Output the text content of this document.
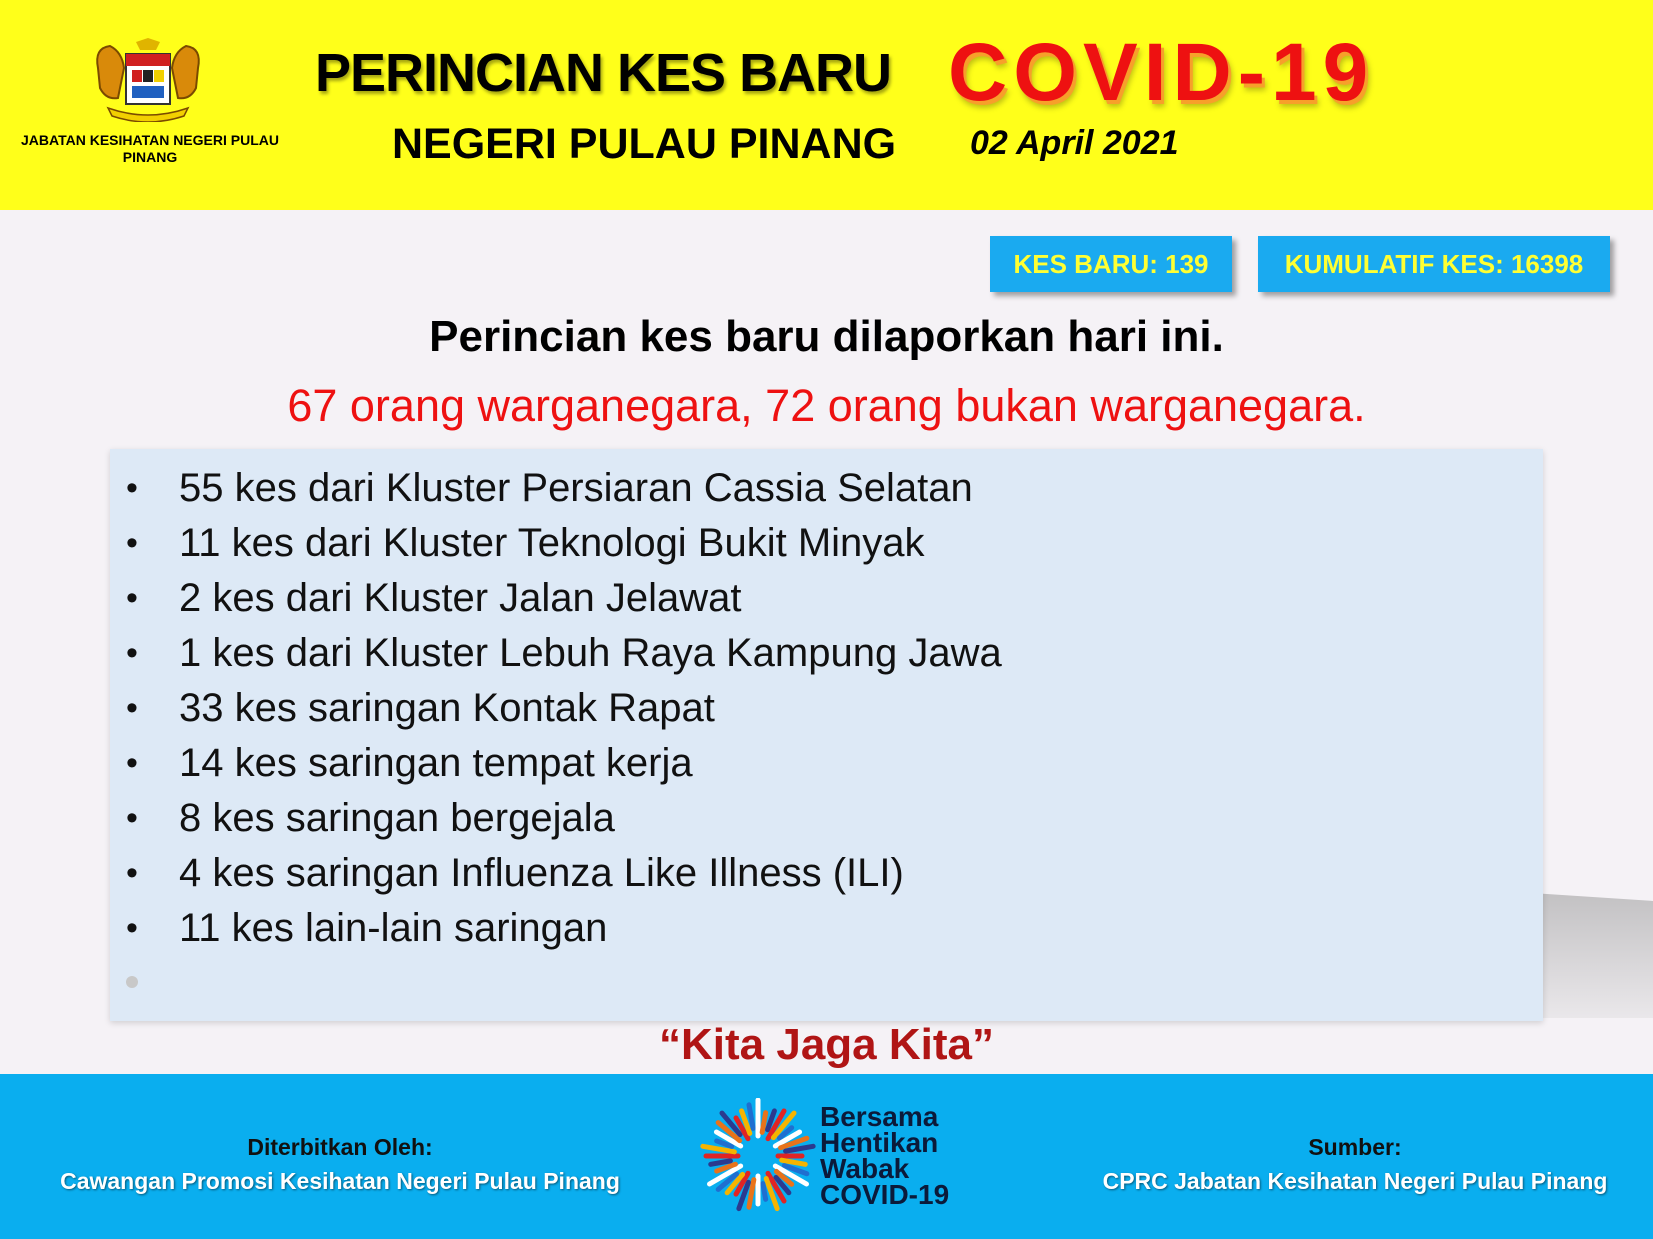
JABATAN KESIHATAN NEGERI PULAU PINANG
PERINCIAN KES BARU COVID-19
NEGERI PULAU PINANG 02 April 2021
KES BARU: 139	KUMULATIF KES: 16398
Perincian kes baru dilaporkan hari ini.
67 orang warganegara, 72 orang bukan warganegara.
• 55 kes dari Kluster Persiaran Cassia Selatan
• 11 kes dari Kluster Teknologi Bukit Minyak
• 2 kes dari Kluster Jalan Jelawat
• 1 kes dari Kluster Lebuh Raya Kampung Jawa
• 33 kes saringan Kontak Rapat
• 14 kes saringan tempat kerja
• 8 kes saringan bergejala
• 4 kes saringan Influenza Like Illness (ILI)
• 11 kes lain-lain saringan
“Kita Jaga Kita”
Diterbitkan Oleh:
Cawangan Promosi Kesihatan Negeri Pulau Pinang
Sumber:
CPRC Jabatan Kesihatan Negeri Pulau Pinang
Bersama
Hentikan
Wabak
COVID-19
